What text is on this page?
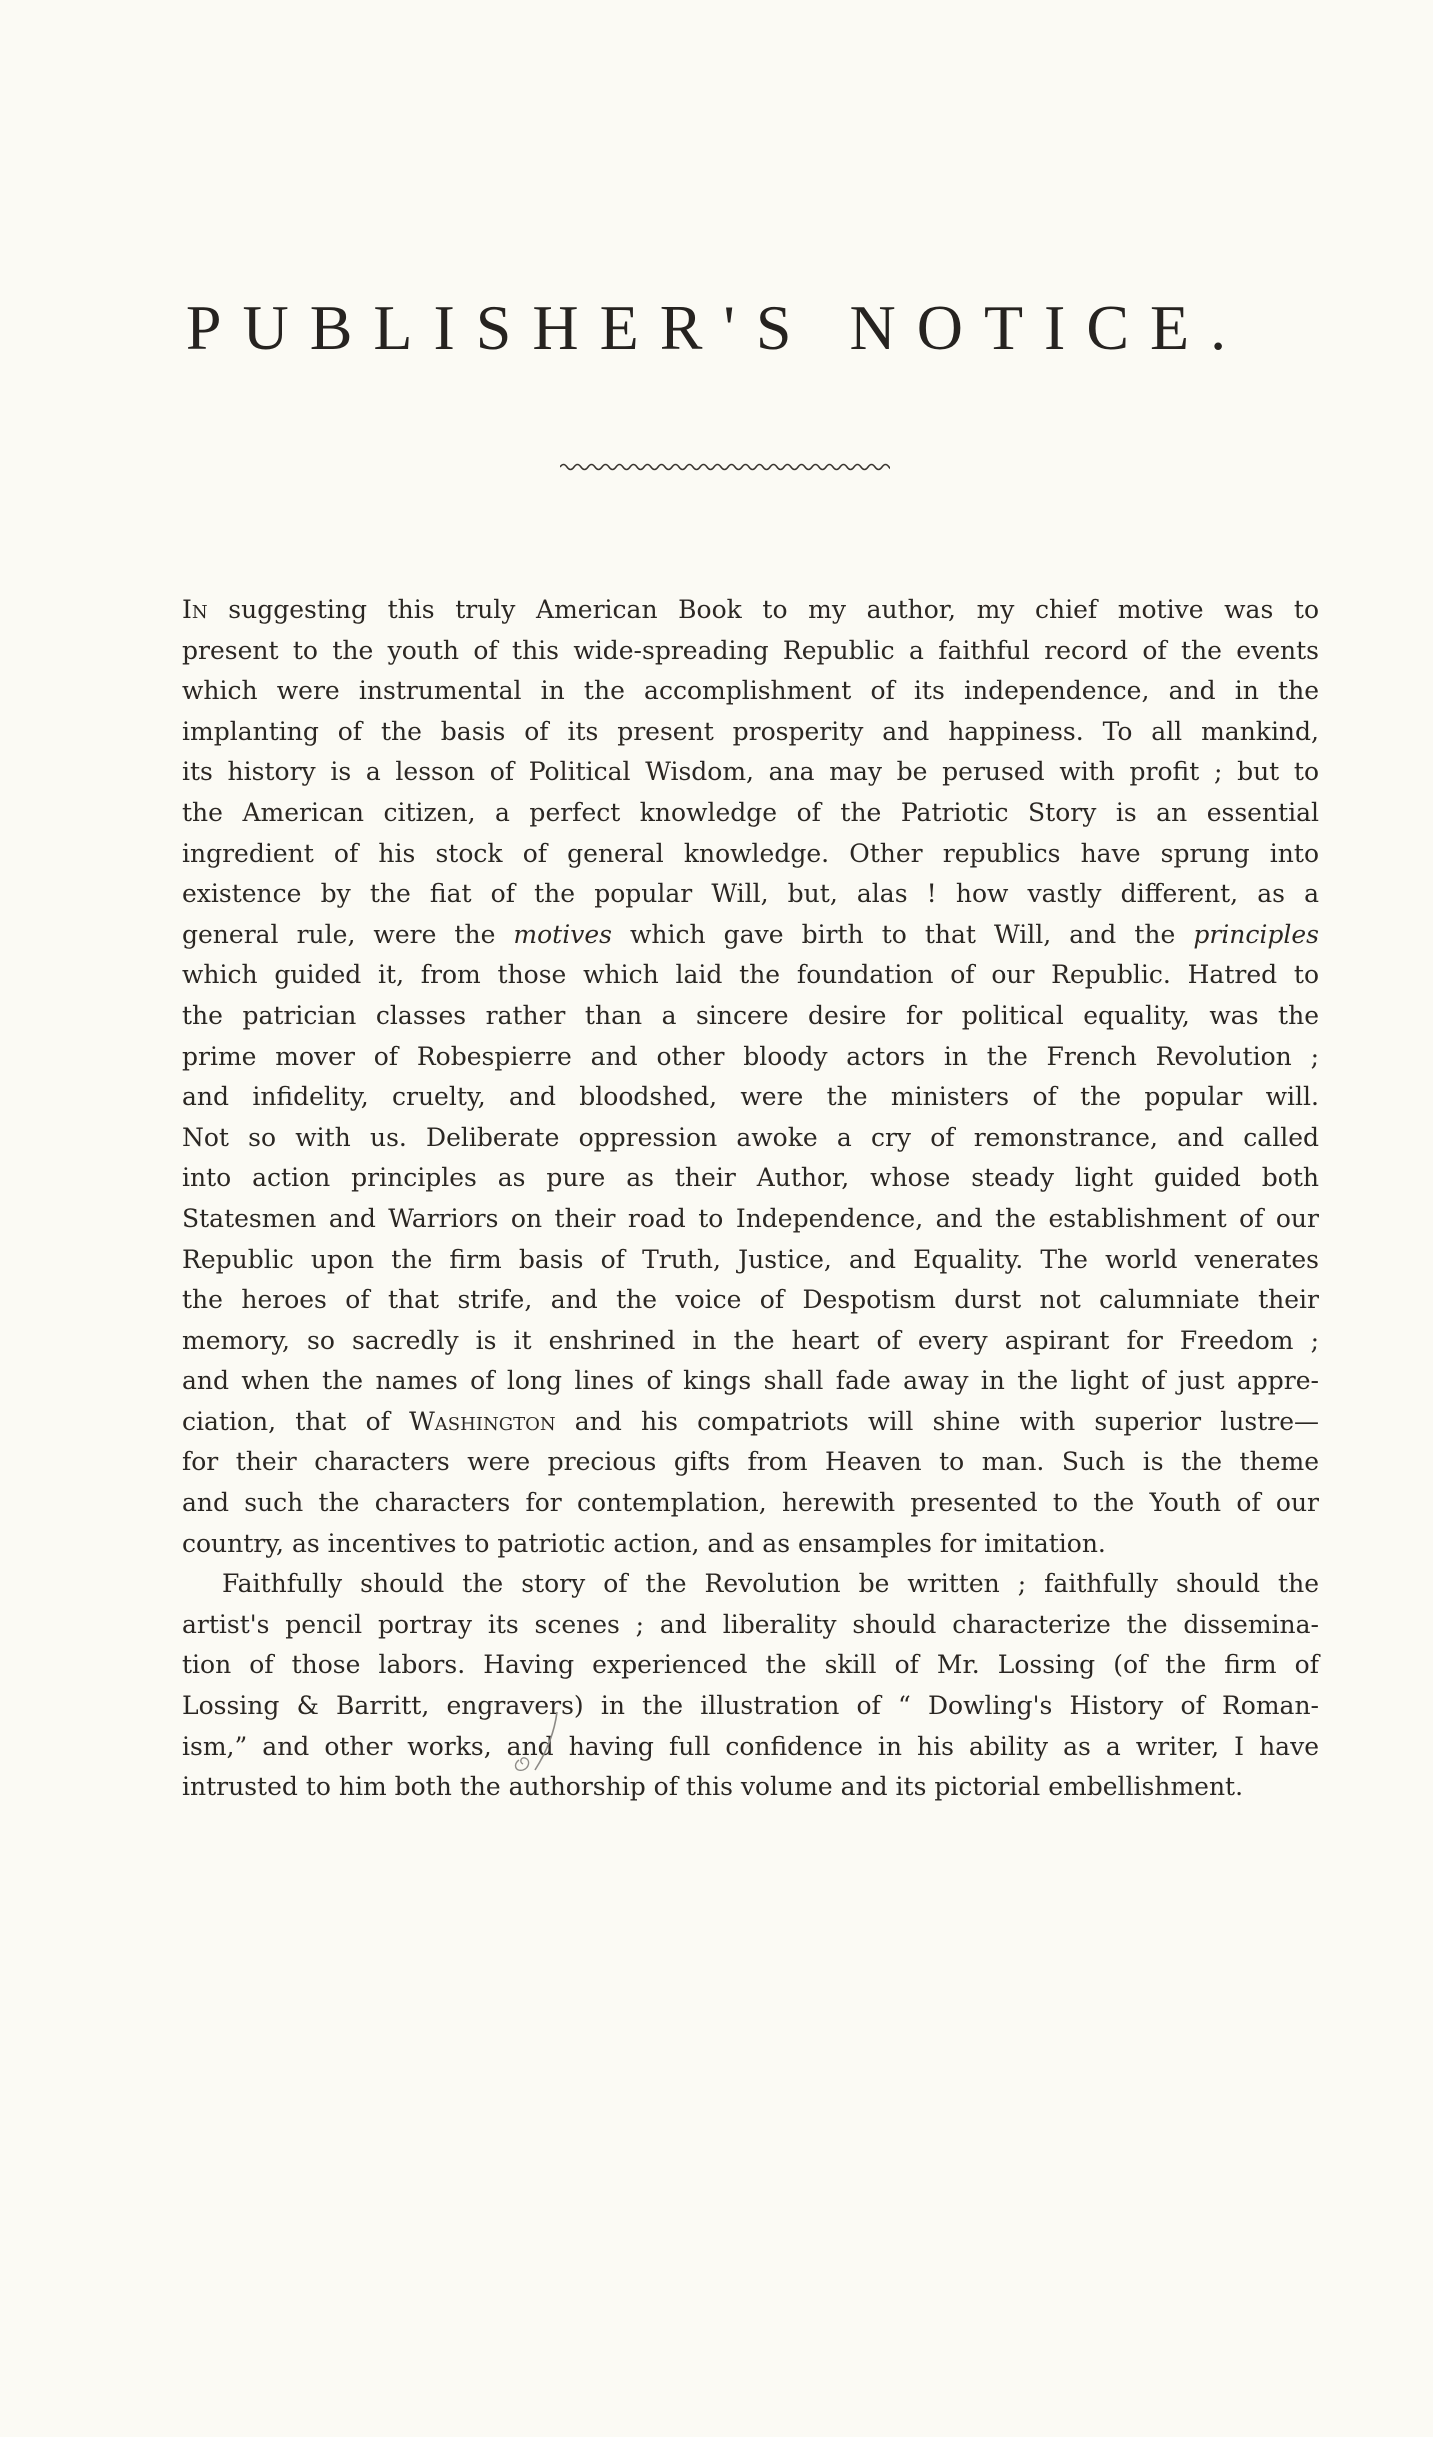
PUBLISHER'S NOTICE.

In suggesting this truly American Book to my author, my chief motive was to
present to the youth of this wide-spreading Republic a faithful record of the events
which were instrumental in the accomplishment of its independence, and in the
implanting of the basis of its present prosperity and happiness. To all mankind,
its history is a lesson of Political Wisdom, ana may be perused with profit ; but to
the American citizen, a perfect knowledge of the Patriotic Story is an essential
ingredient of his stock of general knowledge. Other republics have sprung into
existence by the fiat of the popular Will, but, alas ! how vastly different, as a
general rule, were the motives which gave birth to that Will, and the principles
which guided it, from those which laid the foundation of our Republic. Hatred to
the patrician classes rather than a sincere desire for political equality, was the
prime mover of Robespierre and other bloody actors in the French Revolution ;
and infidelity, cruelty, and bloodshed, were the ministers of the popular will.
Not so with us. Deliberate oppression awoke a cry of remonstrance, and called
into action principles as pure as their Author, whose steady light guided both
Statesmen and Warriors on their road to Independence, and the establishment of our
Republic upon the firm basis of Truth, Justice, and Equality. The world venerates
the heroes of that strife, and the voice of Despotism durst not calumniate their
memory, so sacredly is it enshrined in the heart of every aspirant for Freedom ;
and when the names of long lines of kings shall fade away in the light of just appre-
ciation, that of Washington and his compatriots will shine with superior lustre—
for their characters were precious gifts from Heaven to man. Such is the theme
and such the characters for contemplation, herewith presented to the Youth of our
country, as incentives to patriotic action, and as ensamples for imitation.

Faithfully should the story of the Revolution be written ; faithfully should the
artist's pencil portray its scenes ; and liberality should characterize the dissemina-
tion of those labors. Having experienced the skill of Mr. Lossing (of the firm of
Lossing & Barritt, engravers) in the illustration of “ Dowling's History of Roman-
ism,” and other works, and having full confidence in his ability as a writer, I have
intrusted to him both the authorship of this volume and its pictorial embellishment.
